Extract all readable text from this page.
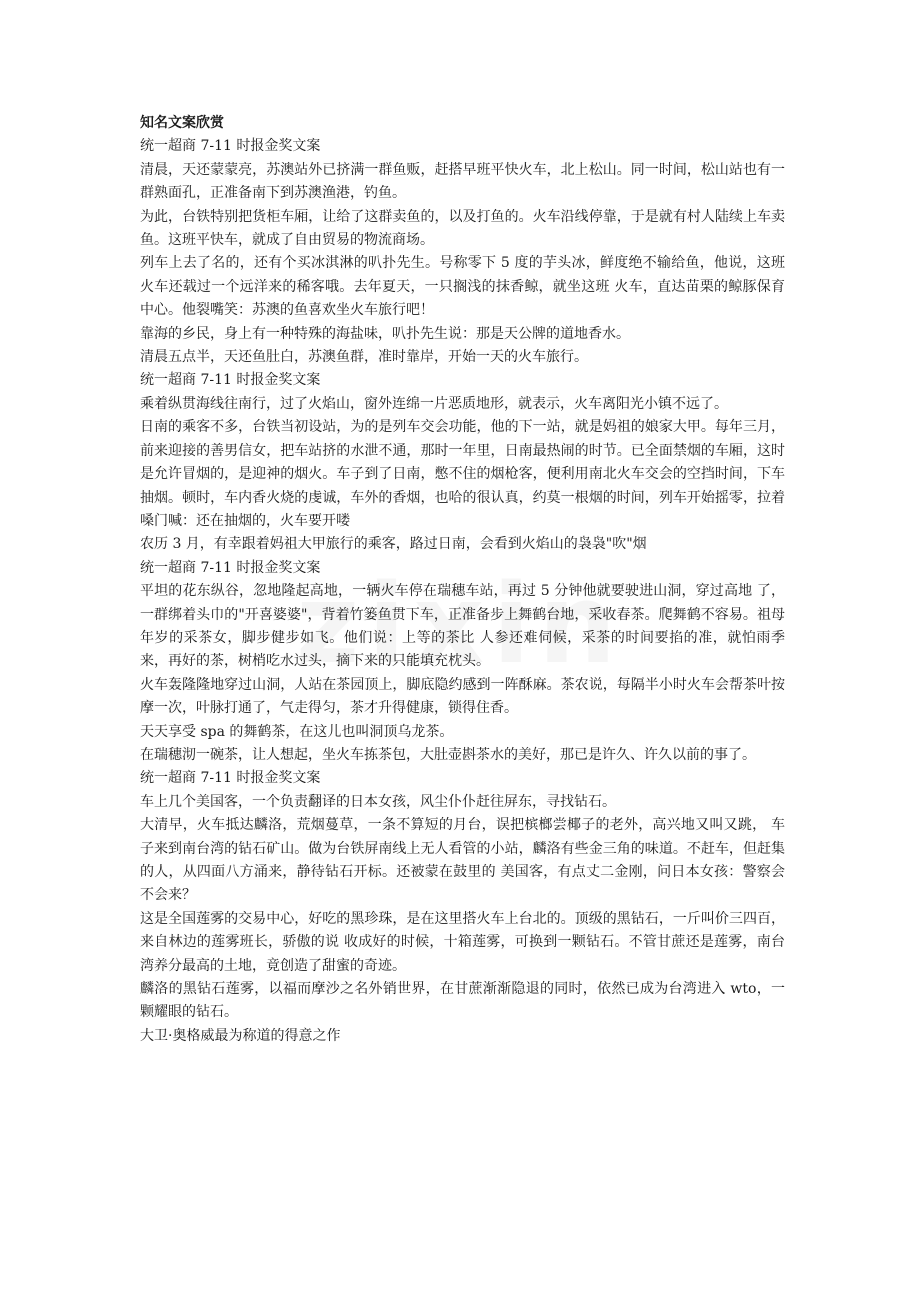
知名文案欣赏

统一超商 7-11 时报金奖文案

清晨，天还蒙蒙亮，苏澳站外已挤满一群鱼贩，赶搭早班平快火车，北上松山。同一时间，松山站也有一群熟面孔，正准备南下到苏澳渔港，钓鱼。

为此，台铁特别把货柜车厢，让给了这群卖鱼的，以及打鱼的。火车沿线停靠，于是就有村人陆续上车卖鱼。这班平快车，就成了自由贸易的物流商场。

列车上去了名的，还有个买冰淇淋的叭扑先生。号称零下 5 度的芋头冰，鲜度绝不输给鱼，他说，这班火车还载过一个远洋来的稀客哦。去年夏天，一只搁浅的抹香鲸，就坐这班 火车，直达苗栗的鲸豚保育中心。他裂嘴笑：苏澳的鱼喜欢坐火车旅行吧！

靠海的乡民，身上有一种特殊的海盐味，叭扑先生说：那是天公牌的道地香水。

清晨五点半，天还鱼肚白，苏澳鱼群，准时靠岸，开始一天的火车旅行。

统一超商 7-11 时报金奖文案

乘着纵贯海线往南行，过了火焰山，窗外连绵一片恶质地形，就表示，火车离阳光小镇不远了。

日南的乘客不多，台铁当初设站，为的是列车交会功能，他的下一站，就是妈祖的娘家大甲。每年三月，前来迎接的善男信女，把车站挤的水泄不通，那时一年里，日南最热闹的时节。已全面禁烟的车厢，这时是允许冒烟的，是迎神的烟火。车子到了日南，憋不住的烟枪客，便利用南北火车交会的空挡时间，下车抽烟。顿时，车内香火烧的虔诚，车外的香烟，也哈的很认真，约莫一根烟的时间，列车开始摇零，拉着嗓门喊：还在抽烟的，火车要开喽

农历 3 月，有幸跟着妈祖大甲旅行的乘客，路过日南，会看到火焰山的袅袅"吹"烟

统一超商 7-11 时报金奖文案

平坦的花东纵谷，忽地隆起高地，一辆火车停在瑞穗车站，再过 5 分钟他就要驶进山洞，穿过高地 了，一群绑着头巾的"开喜婆婆"，背着竹篓鱼贯下车，正准备步上舞鹤台地，采收春茶。爬舞鹤不容易。祖母年岁的采茶女，脚步健步如飞。他们说：上等的茶比 人参还难伺候，采茶的时间要掐的准，就怕雨季来，再好的茶，树梢吃水过头，摘下来的只能填充枕头。

火车轰隆隆地穿过山洞，人站在茶园顶上，脚底隐约感到一阵酥麻。茶农说，每隔半小时火车会帮茶叶按摩一次，叶脉打通了，气走得匀，茶才升得健康，锁得住香。

天天享受 spa 的舞鹤茶，在这儿也叫洞顶乌龙茶。

在瑞穗沏一碗茶，让人想起，坐火车拣茶包，大肚壶斟茶水的美好，那已是许久、许久以前的事了。

统一超商 7-11 时报金奖文案

车上几个美国客，一个负责翻译的日本女孩，风尘仆仆赶往屏东，寻找钻石。

大清早，火车抵达麟洛，荒烟蔓草，一条不算短的月台，误把槟榔尝椰子的老外，高兴地又叫又跳， 车子来到南台湾的钻石矿山。做为台铁屏南线上无人看管的小站，麟洛有些金三角的味道。不赶车，但赶集的人，从四面八方涌来，静待钻石开标。还被蒙在鼓里的 美国客，有点丈二金刚，问日本女孩：警察会不会来？

这是全国莲雾的交易中心，好吃的黑珍珠，是在这里搭火车上台北的。顶级的黑钻石，一斤叫价三四百，来自林边的莲雾班长，骄傲的说 收成好的时候，十箱莲雾，可换到一颗钻石。不管甘蔗还是莲雾，南台湾养分最高的土地，竟创造了甜蜜的奇迹。

麟洛的黑钻石莲雾，以福而摩沙之名外销世界，在甘蔗渐渐隐退的同时，依然已成为台湾进入 wto，一颗耀眼的钻石。

大卫·奥格威最为称道的得意之作
